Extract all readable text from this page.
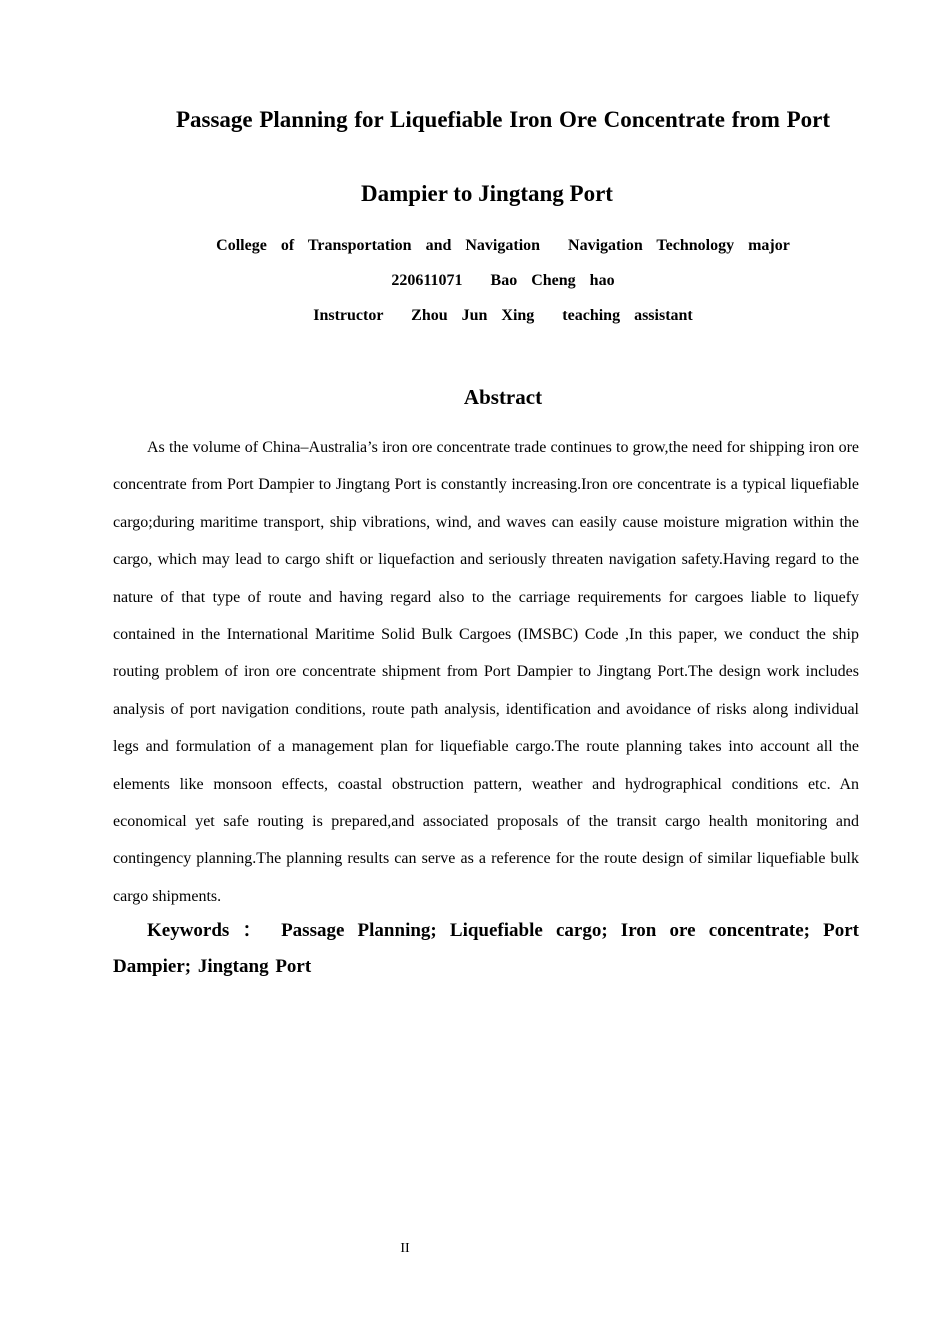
Passage Planning for Liquefiable Iron Ore Concentrate from Port
Dampier to Jingtang Port
College  of  Transportation  and  Navigation    Navigation  Technology  major
220611071    Bao  Cheng  hao
Instructor    Zhou  Jun  Xing    teaching  assistant
Abstract

As the volume of China–Australia’s iron ore concentrate trade continues to grow,the need for shipping iron ore concentrate from Port Dampier to Jingtang Port is constantly increasing.Iron ore concentrate is a typical liquefiable cargo;during maritime transport, ship vibrations, wind, and waves can easily cause moisture migration within the cargo, which may lead to cargo shift or liquefaction and seriously threaten navigation safety.Having regard to the nature of that type of route and having regard also to the carriage requirements for cargoes liable to liquefy contained in the International Maritime Solid Bulk Cargoes (IMSBC) Code ,In this paper, we conduct the ship routing problem of iron ore concentrate shipment from Port Dampier to Jingtang Port.The design work includes analysis of port navigation conditions, route path analysis, identification and avoidance of risks along individual legs and formulation of a management plan for liquefiable cargo.The route planning takes into account all the elements like monsoon effects, coastal obstruction pattern, weather and hydrographical conditions etc. An economical yet safe routing is prepared,and associated proposals of the transit cargo health monitoring and contingency planning.The planning results can serve as a reference for the route design of similar liquefiable bulk cargo shipments.

Keywords ： Passage Planning; Liquefiable cargo; Iron ore concentrate; Port Dampier; Jingtang Port

II
